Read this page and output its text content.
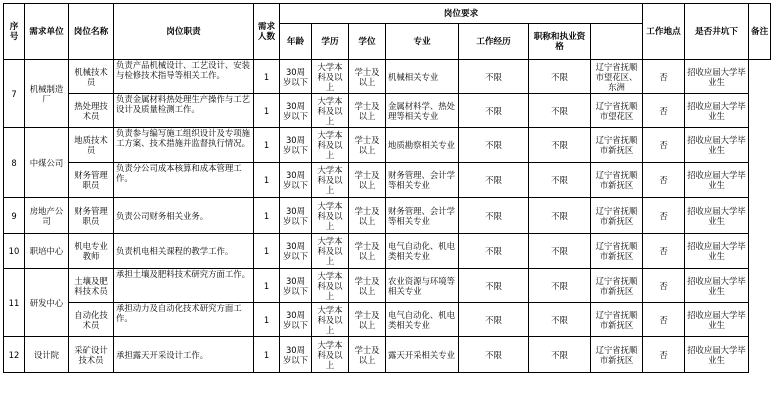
序号	需求单位	岗位名称	岗位职责	需求人数	岗位要求							工作地点	是否井坑下	备注
					年龄	学历	学位	专业	工作经历	职称和执业资格				
7	机械制造厂	机械技术员	负责产品机械设计、工艺设计、安装与检修技术指导等相关工作。	1	30周岁以下	大学本科及以上	学士及以上	机械相关专业	不限	不限	辽宁省抚顺市望花区、东洲	否	招收应届大学毕业生	
		热处理技术员	负责金属材料热处理生产操作与工艺设计及质量检测工作。	1	30周岁以下	大学本科及以上	学士及以上	金属材料学、热处理等相关专业	不限	不限	辽宁省抚顺市望花区	否	招收应届大学毕业生	
8	中煤公司	地质技术员	负责参与编写施工组织设计及专项施工方案、技术措施并监督执行情况。	1	30周岁以下	大学本科及以上	学士及以上	地质勘察相关专业	不限	不限	辽宁省抚顺市新抚区	否	招收应届大学毕业生	
		财务管理职员	负责分公司成本核算和成本管理工作。	1	30周岁以下	大学本科及以上	学士及以上	财务管理、会计学等相关专业	不限	不限	辽宁省抚顺市新抚区	否	招收应届大学毕业生	
9	房地产公司	财务管理职员	负责公司财务相关业务。	1	30周岁以下	大学本科及以上	学士及以上	财务管理、会计学等相关专业	不限	不限	辽宁省抚顺市新抚区	否	招收应届大学毕业生	
10	职培中心	机电专业教师	负责机电相关课程的教学工作。	1	30周岁以下	大学本科及以上	学士及以上	电气自动化、机电类相关专业	不限	不限	辽宁省抚顺市新抚区	否	招收应届大学毕业生	
11	研发中心	土壤及肥料技术员	承担土壤及肥料技术研究方面工作。	1	30周岁以下	大学本科及以上	学士及以上	农业资源与环境等相关专业	不限	不限	辽宁省抚顺市新抚区	否	招收应届大学毕业生	
		自动化技术员	承担动力及自动化技术研究方面工作。	1	30周岁以下	大学本科及以上	学士及以上	电气自动化、机电类相关专业	不限	不限	辽宁省抚顺市新抚区	否	招收应届大学毕业生	
12	设计院	采矿设计技术员	承担露天开采设计工作。	1	30周岁以下	大学本科及以上	学士及以上	露天开采相关专业	不限	不限	辽宁省抚顺市新抚区	否	招收应届大学毕业生	
